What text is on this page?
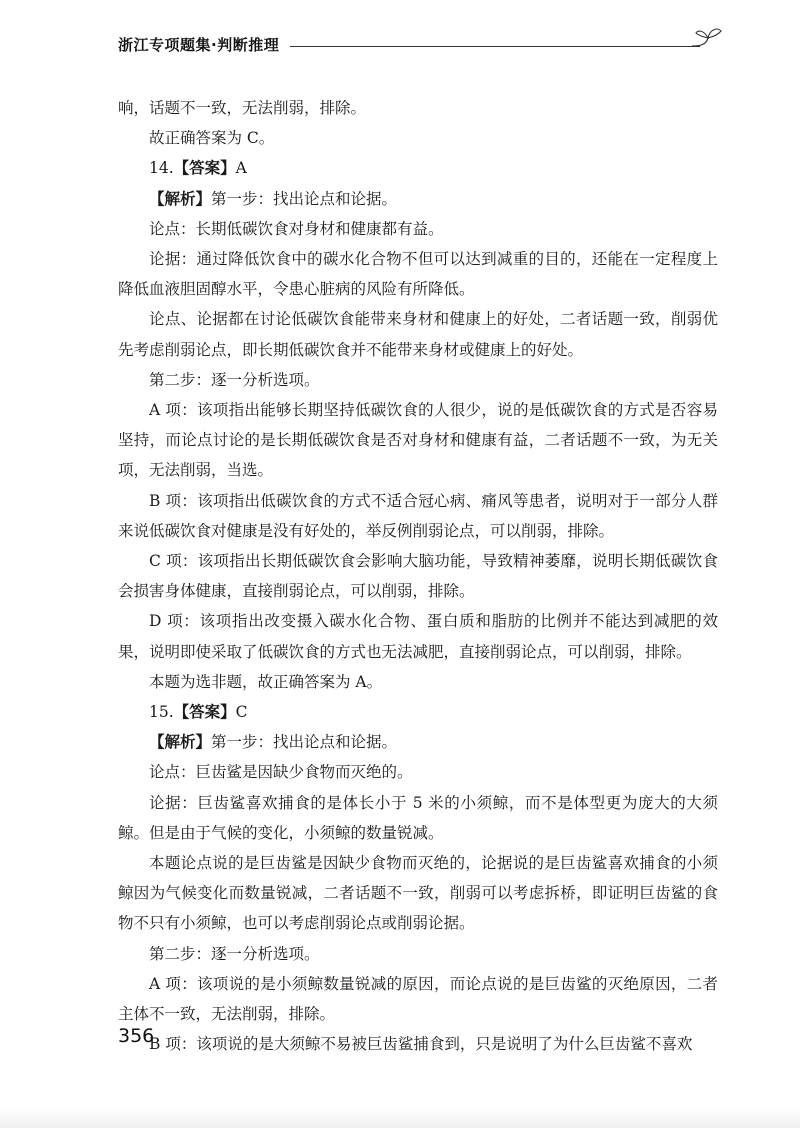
浙江专项题集·判断推理

响，话题不一致，无法削弱，排除。

故正确答案为 C。

14.【答案】A

【解析】第一步：找出论点和论据。

论点：长期低碳饮食对身材和健康都有益。

论据：通过降低饮食中的碳水化合物不但可以达到减重的目的，还能在一定程度上降低血液胆固醇水平，令患心脏病的风险有所降低。

论点、论据都在讨论低碳饮食能带来身材和健康上的好处，二者话题一致，削弱优先考虑削弱论点，即长期低碳饮食并不能带来身材或健康上的好处。

第二步：逐一分析选项。

A 项：该项指出能够长期坚持低碳饮食的人很少，说的是低碳饮食的方式是否容易坚持，而论点讨论的是长期低碳饮食是否对身材和健康有益，二者话题不一致，为无关项，无法削弱，当选。

B 项：该项指出低碳饮食的方式不适合冠心病、痛风等患者，说明对于一部分人群来说低碳饮食对健康是没有好处的，举反例削弱论点，可以削弱，排除。

C 项：该项指出长期低碳饮食会影响大脑功能，导致精神萎靡，说明长期低碳饮食会损害身体健康，直接削弱论点，可以削弱，排除。

D 项：该项指出改变摄入碳水化合物、蛋白质和脂肪的比例并不能达到减肥的效果，说明即使采取了低碳饮食的方式也无法减肥，直接削弱论点，可以削弱，排除。

本题为选非题，故正确答案为 A。

15.【答案】C

【解析】第一步：找出论点和论据。

论点：巨齿鲨是因缺少食物而灭绝的。

论据：巨齿鲨喜欢捕食的是体长小于 5 米的小须鲸，而不是体型更为庞大的大须鲸。但是由于气候的变化，小须鲸的数量锐减。

本题论点说的是巨齿鲨是因缺少食物而灭绝的，论据说的是巨齿鲨喜欢捕食的小须鲸因为气候变化而数量锐减，二者话题不一致，削弱可以考虑拆桥，即证明巨齿鲨的食物不只有小须鲸，也可以考虑削弱论点或削弱论据。

第二步：逐一分析选项。

A 项：该项说的是小须鲸数量锐减的原因，而论点说的是巨齿鲨的灭绝原因，二者主体不一致，无法削弱，排除。

B 项：该项说的是大须鲸不易被巨齿鲨捕食到，只是说明了为什么巨齿鲨不喜欢

356
